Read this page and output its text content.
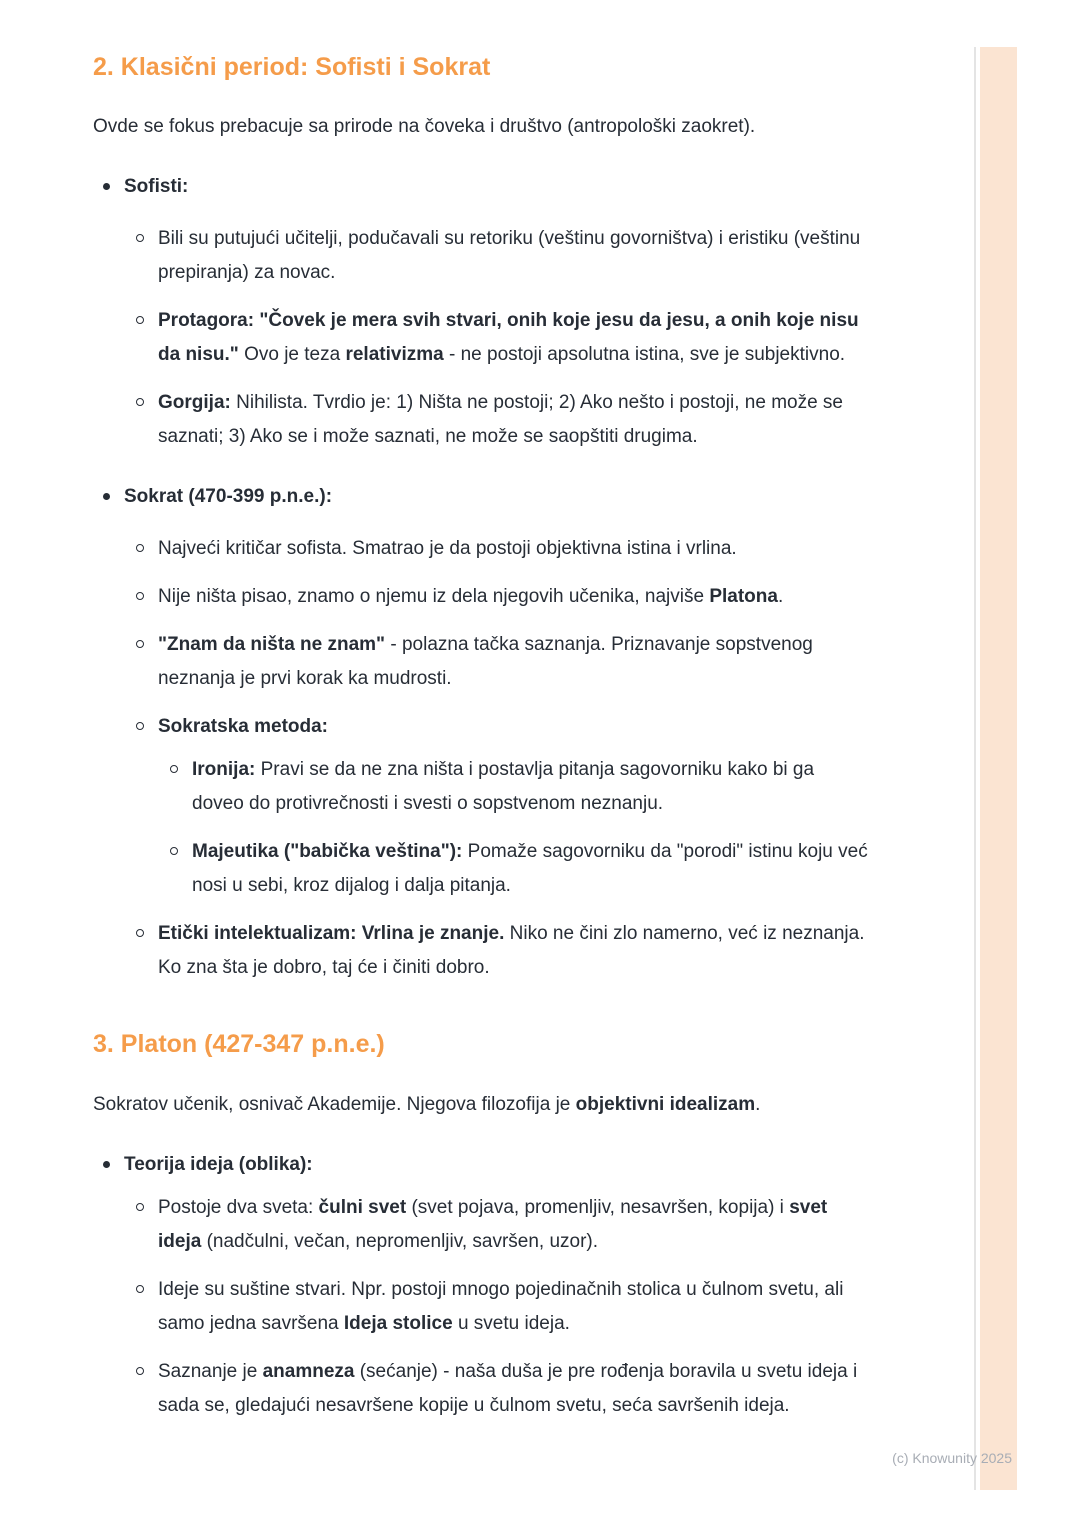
2. Klasični period: Sofisti i Sokrat

Ovde se fokus prebacuje sa prirode na čoveka i društvo (antropološki zaokret).

Sofisti:
Bili su putujući učitelji, podučavali su retoriku (veštinu govorništva) i eristiku (veštinu prepiranja) za novac.
Protagora: "Čovek je mera svih stvari, onih koje jesu da jesu, a onih koje nisu da nisu." Ovo je teza relativizma - ne postoji apsolutna istina, sve je subjektivno.
Gorgija: Nihilista. Tvrdio je: 1) Ništa ne postoji; 2) Ako nešto i postoji, ne može se saznati; 3) Ako se i može saznati, ne može se saopštiti drugima.
Sokrat (470-399 p.n.e.):
Najveći kritičar sofista. Smatrao je da postoji objektivna istina i vrlina.
Nije ništa pisao, znamo o njemu iz dela njegovih učenika, najviše Platona.
"Znam da ništa ne znam" - polazna tačka saznanja. Priznavanje sopstvenog neznanja je prvi korak ka mudrosti.
Sokratska metoda:
Ironija: Pravi se da ne zna ništa i postavlja pitanja sagovorniku kako bi ga doveo do protivrečnosti i svesti o sopstvenom neznanju.
Majeutika ("babička veština"): Pomaže sagovorniku da "porodi" istinu koju već nosi u sebi, kroz dijalog i dalja pitanja.
Etički intelektualizam: Vrlina je znanje. Niko ne čini zlo namerno, već iz neznanja. Ko zna šta je dobro, taj će i činiti dobro.
3. Platon (427-347 p.n.e.)

Sokratov učenik, osnivač Akademije. Njegova filozofija je objektivni idealizam.

Teorija ideja (oblika):
Postoje dva sveta: čulni svet (svet pojava, promenljiv, nesavršen, kopija) i svet ideja (nadčulni, večan, nepromenljiv, savršen, uzor).
Ideje su suštine stvari. Npr. postoji mnogo pojedinačnih stolica u čulnom svetu, ali samo jedna savršena Ideja stolice u svetu ideja.
Saznanje je anamneza (sećanje) - naša duša je pre rođenja boravila u svetu ideja i sada se, gledajući nesavršene kopije u čulnom svetu, seća savršenih ideja.
(c) Knowunity 2025
